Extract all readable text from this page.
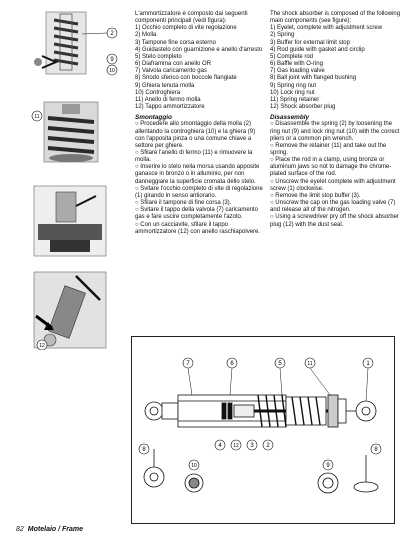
2
9
10
11
12

L'ammortizzatore è composto dai seguenti componenti principali (vedi figura):

1) Occhio completo di vite regolazione

2) Molla

3) Tampone fine corsa esterno

4) Guidastelo con guarnizione e anello d'arresto

5) Stelo completo

6) Diaframma con anello OR

7) Valvola caricamento gas

8) Snodo sferico con boccole flangiate

9) Ghiera tenuta molla

10) Controghiera

11) Anello di fermo molla

12) Tappo ammortizzatore

Smontaggio

○ Procedere allo smontaggio della molla (2) allentando la controghiera (10) e la ghiera (9) con l'apposita pinza o una comune chiave a settore per ghiere.

○ Sfilare l'anello di fermo (11) e rimuovere la molla.

○ Inserire lo stelo nella morsa usando apposite ganasce in bronzo o in alluminio, per non danneggiare la superficie cromata dello stelo.

○ Svitare l'occhio completo di vite di regolazione (1) girando in senso antiorario.

○ Sfilare il tampone di fine corsa (3).

○ Svitare il tappo della valvola (7) caricamento gas e fare uscire completamente l'azoto.

○ Con un cacciavite, sfilare il tappo ammortizzatore (12) con anello raschiapolvere.

The shock absorber is composed of the following main components (see figure):

1) Eyelet, complete with adjustment screw

2) Spring

3) Buffer for external limit stop

4) Rod guide with gasket and circlip

5) Complete rod

6) Baffle with O-ring

7) Gas loading valve

8) Ball joint with flanged bushing

9) Spring ring nut

10) Lock ring nut

11) Spring retainer

12) Shock absorber plug

Disassembly

○ Disassemble the spring (2) by loosening the ring nut (9) and lock ring nut (10) with the correct pliers or a common pin wrench.

○ Remove the retainer (11) and take out the spring.

○ Place the rod in a clamp, using bronze or aluminum jaws so not to damage the chrome-plated surface of the rod.

○ Unscrew the eyelet complete with adjustment screw (1) clockwise.

○ Remove the limit stop buffer (3).

○ Unscrew the cap on the gas loading valve (7) and release all of the nitrogen.

○ Using a screwdriver pry off the shock absorber plug (12) with the dust seal.

7	6	5	11	1
8
4 12 3 2
10	9
8
82 Motelaio / Frame
